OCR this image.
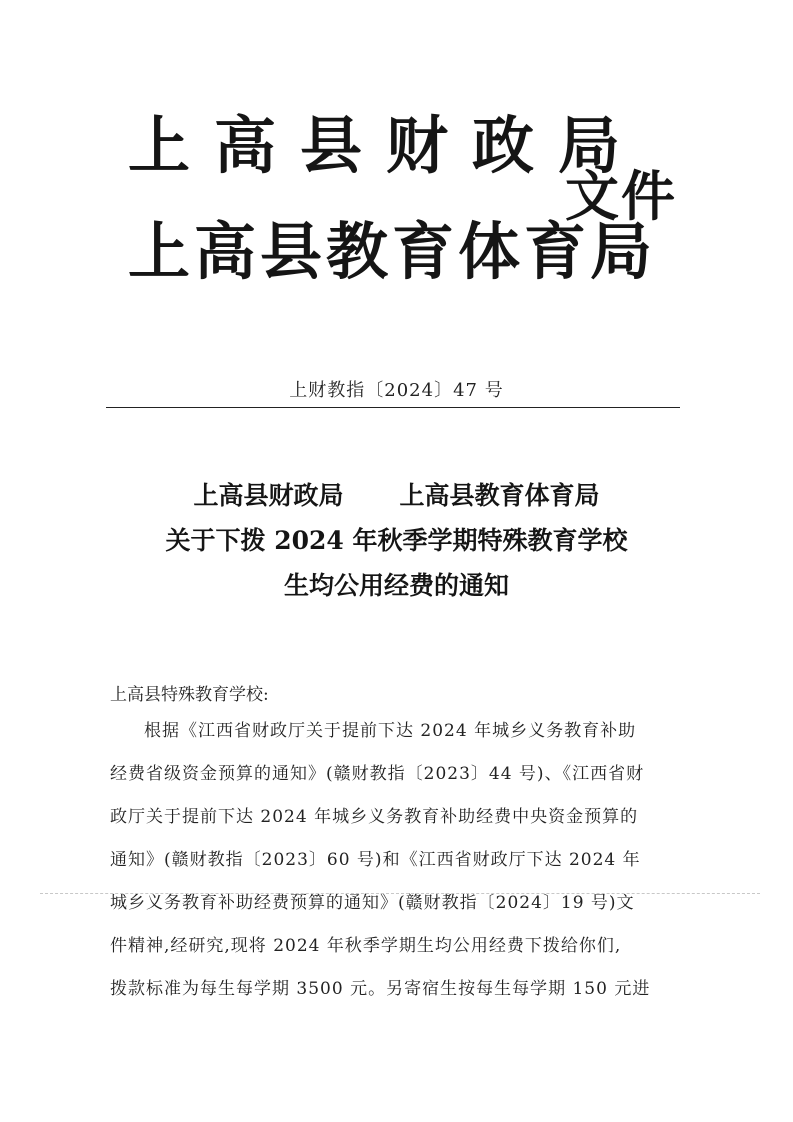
上高县财政局
上高县教育体育局
文件
上财教指〔2024〕47 号
上高县财政局 上高县教育体育局
关于下拨 2024 年秋季学期特殊教育学校
生均公用经费的通知
上高县特殊教育学校:
根据《江西省财政厅关于提前下达 2024 年城乡义务教育补助
经费省级资金预算的通知》(赣财教指〔2023〕44 号)、《江西省财
政厅关于提前下达 2024 年城乡义务教育补助经费中央资金预算的
通知》(赣财教指〔2023〕60 号)和《江西省财政厅下达 2024 年
城乡义务教育补助经费预算的通知》(赣财教指〔2024〕19 号)文
件精神,经研究,现将 2024 年秋季学期生均公用经费下拨给你们,
拨款标准为每生每学期 3500 元。另寄宿生按每生每学期 150 元进
